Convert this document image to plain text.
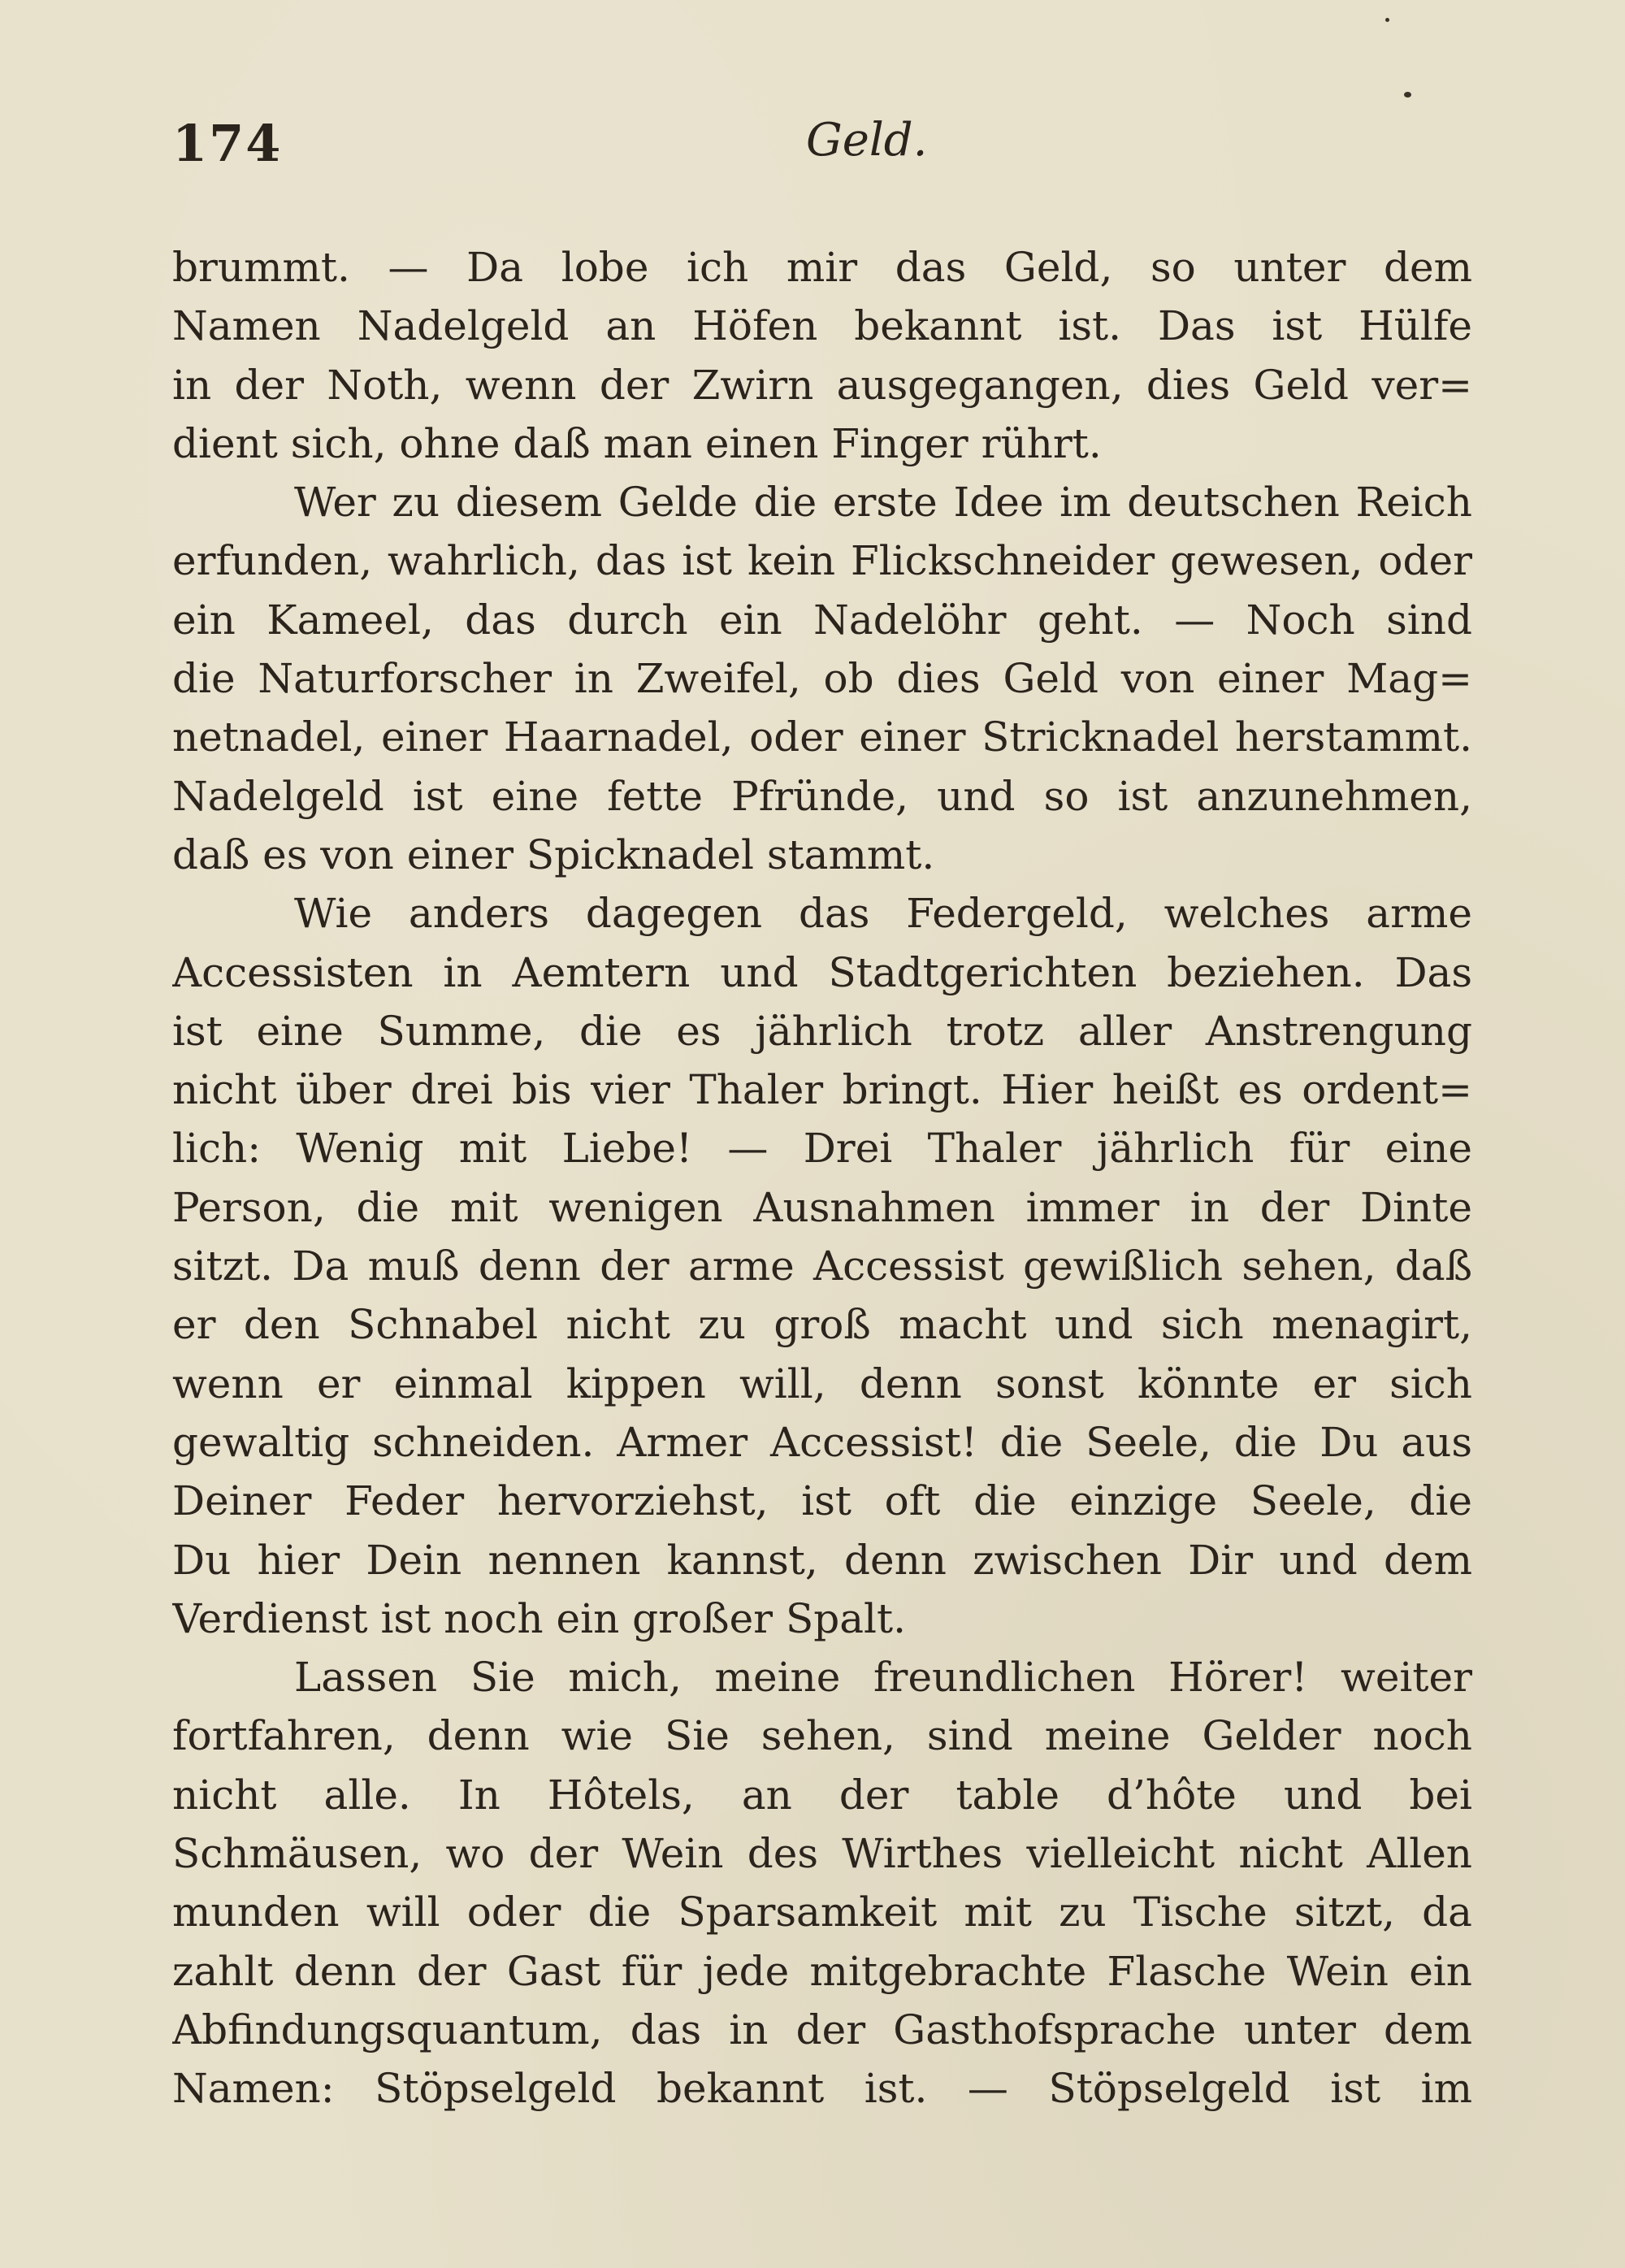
174	Geld.
brummt. — Da lobe ich mir das Geld, so unter dem
Namen Nadelgeld an Höfen bekannt ist. Das ist Hülfe
in der Noth, wenn der Zwirn ausgegangen, dies Geld ver=
dient sich, ohne daß man einen Finger rührt.
Wer zu diesem Gelde die erste Idee im deutschen Reich
erfunden, wahrlich, das ist kein Flickschneider gewesen, oder
ein Kameel, das durch ein Nadelöhr geht. — Noch sind
die Naturforscher in Zweifel, ob dies Geld von einer Mag=
netnadel, einer Haarnadel, oder einer Stricknadel herstammt.
Nadelgeld ist eine fette Pfründe, und so ist anzunehmen,
daß es von einer Spicknadel stammt.
Wie anders dagegen das Federgeld, welches arme
Accessisten in Aemtern und Stadtgerichten beziehen. Das
ist eine Summe, die es jährlich trotz aller Anstrengung
nicht über drei bis vier Thaler bringt. Hier heißt es ordent=
lich: Wenig mit Liebe! — Drei Thaler jährlich für eine
Person, die mit wenigen Ausnahmen immer in der Dinte
sitzt. Da muß denn der arme Accessist gewißlich sehen, daß
er den Schnabel nicht zu groß macht und sich menagirt,
wenn er einmal kippen will, denn sonst könnte er sich
gewaltig schneiden. Armer Accessist! die Seele, die Du aus
Deiner Feder hervorziehst, ist oft die einzige Seele, die
Du hier Dein nennen kannst, denn zwischen Dir und dem
Verdienst ist noch ein großer Spalt.
Lassen Sie mich, meine freundlichen Hörer! weiter
fortfahren, denn wie Sie sehen, sind meine Gelder noch
nicht alle. In Hôtels, an der table d’hôte und bei
Schmäusen, wo der Wein des Wirthes vielleicht nicht Allen
munden will oder die Sparsamkeit mit zu Tische sitzt, da
zahlt denn der Gast für jede mitgebrachte Flasche Wein ein
Abfindungsquantum, das in der Gasthofsprache unter dem
Namen: Stöpselgeld bekannt ist. — Stöpselgeld ist im
